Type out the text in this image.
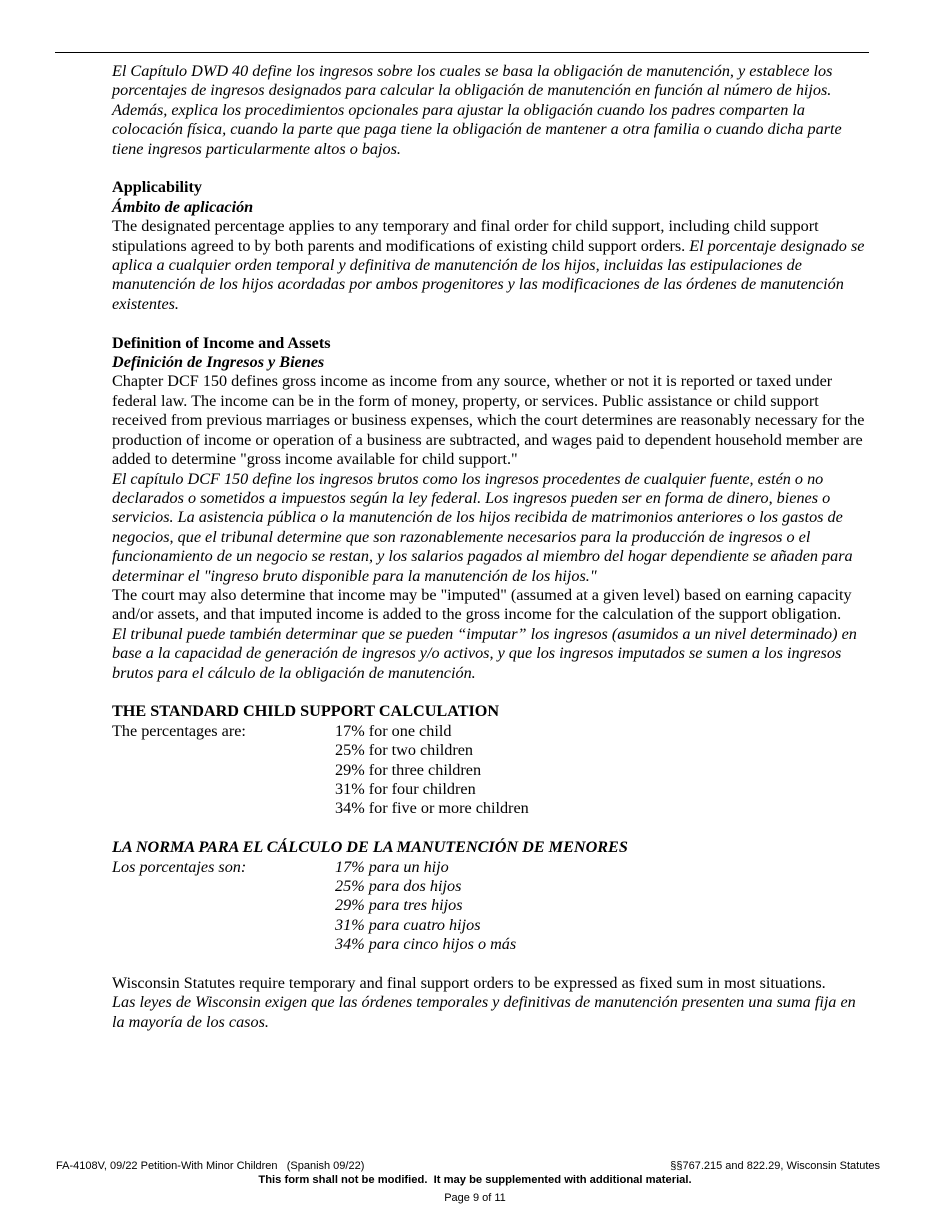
El Capítulo DWD 40 define los ingresos sobre los cuales se basa la obligación de manutención, y establece los porcentajes de ingresos designados para calcular la obligación de manutención en función al número de hijos. Además, explica los procedimientos opcionales para ajustar la obligación cuando los padres comparten la colocación física, cuando la parte que paga tiene la obligación de mantener a otra familia o cuando dicha parte tiene ingresos particularmente altos o bajos.

Applicability
Ámbito de aplicación

The designated percentage applies to any temporary and final order for child support, including child support stipulations agreed to by both parents and modifications of existing child support orders. El porcentaje designado se aplica a cualquier orden temporal y definitiva de manutención de los hijos, incluidas las estipulaciones de manutención de los hijos acordadas por ambos progenitores y las modificaciones de las órdenes de manutención existentes.

Definition of Income and Assets
Definición de Ingresos y Bienes

Chapter DCF 150 defines gross income as income from any source, whether or not it is reported or taxed under federal law. The income can be in the form of money, property, or services. Public assistance or child support received from previous marriages or business expenses, which the court determines are reasonably necessary for the production of income or operation of a business are subtracted, and wages paid to dependent household member are added to determine "gross income available for child support."

El capítulo DCF 150 define los ingresos brutos como los ingresos procedentes de cualquier fuente, estén o no declarados o sometidos a impuestos según la ley federal. Los ingresos pueden ser en forma de dinero, bienes o servicios. La asistencia pública o la manutención de los hijos recibida de matrimonios anteriores o los gastos de negocios, que el tribunal determine que son razonablemente necesarios para la producción de ingresos o el funcionamiento de un negocio se restan, y los salarios pagados al miembro del hogar dependiente se añaden para determinar el "ingreso bruto disponible para la manutención de los hijos."

The court may also determine that income may be "imputed" (assumed at a given level) based on earning capacity and/or assets, and that imputed income is added to the gross income for the calculation of the support obligation.

El tribunal puede también determinar que se pueden “imputar” los ingresos (asumidos a un nivel determinado) en base a la capacidad de generación de ingresos y/o activos, y que los ingresos imputados se sumen a los ingresos brutos para el cálculo de la obligación de manutención.

THE STANDARD CHILD SUPPORT CALCULATION
The percentages are:	17% for one child
25% for two children
29% for three children
31% for four children
34% for five or more children
LA NORMA PARA EL CÁLCULO DE LA MANUTENCIÓN DE MENORES
Los porcentajes son:	17% para un hijo
25% para dos hijos
29% para tres hijos
31% para cuatro hijos
34% para cinco hijos o más

Wisconsin Statutes require temporary and final support orders to be expressed as fixed sum in most situations.

Las leyes de Wisconsin exigen que las órdenes temporales y definitivas de manutención presenten una suma fija en la mayoría de los casos.

FA-4108V, 09/22 Petition-With Minor Children   (Spanish 09/22)	§§767.215 and 822.29, Wisconsin Statutes
This form shall not be modified.  It may be supplemented with additional material.
Page 9 of 11
